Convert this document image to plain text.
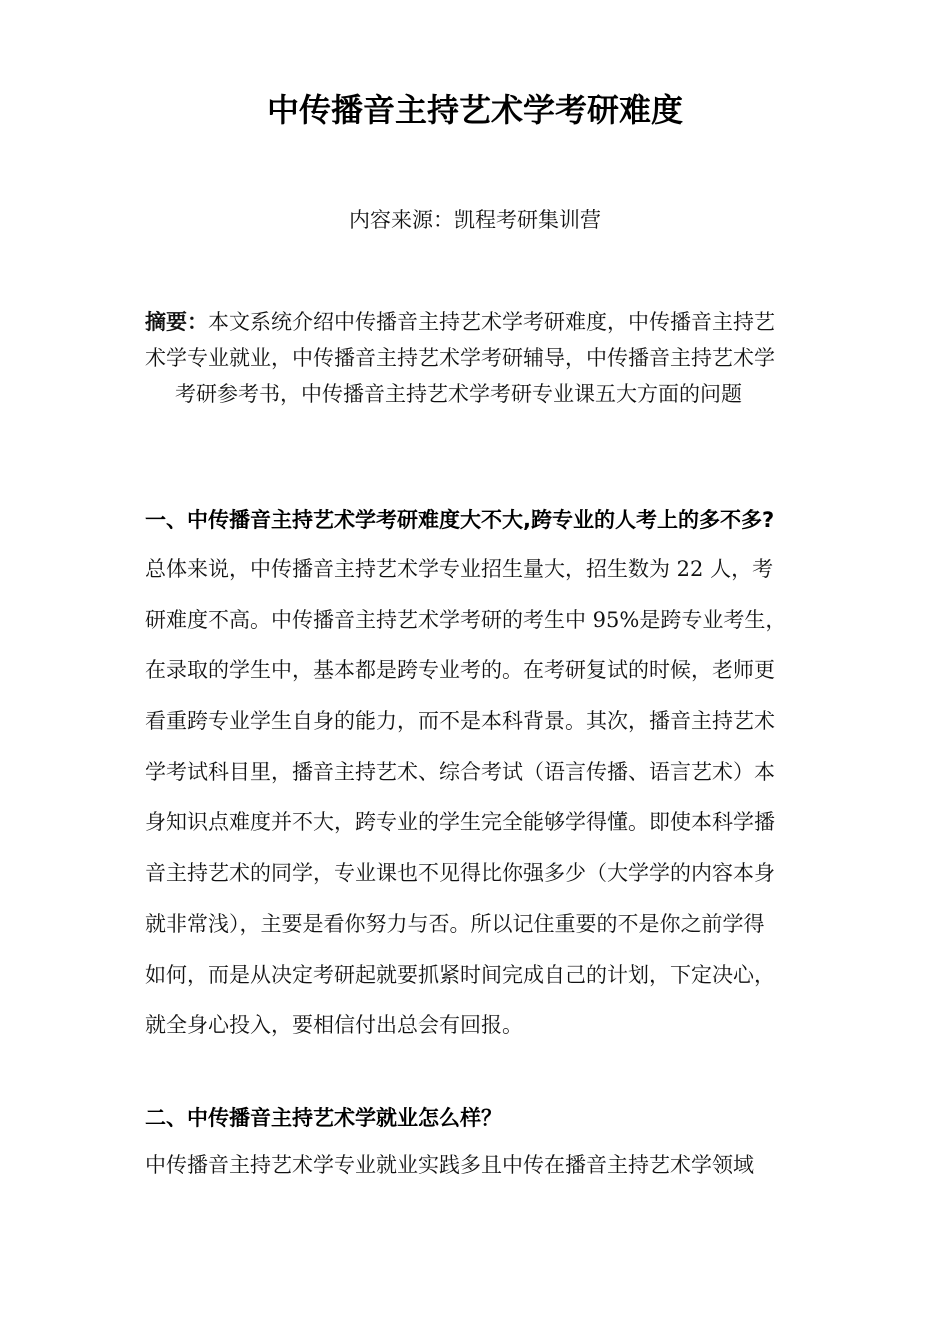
中传播音主持艺术学考研难度
内容来源：凯程考研集训营
摘要：本文系统介绍中传播音主持艺术学考研难度，中传播音主持艺
术学专业就业，中传播音主持艺术学考研辅导，中传播音主持艺术学
考研参考书，中传播音主持艺术学考研专业课五大方面的问题
一、中传播音主持艺术学考研难度大不大,跨专业的人考上的多不多?
总体来说，中传播音主持艺术学专业招生量大，招生数为 22 人，考
研难度不高。中传播音主持艺术学考研的考生中 95%是跨专业考生，
在录取的学生中，基本都是跨专业考的。在考研复试的时候，老师更
看重跨专业学生自身的能力，而不是本科背景。其次，播音主持艺术
学考试科目里，播音主持艺术、综合考试（语言传播、语言艺术）本
身知识点难度并不大，跨专业的学生完全能够学得懂。即使本科学播
音主持艺术的同学，专业课也不见得比你强多少（大学学的内容本身
就非常浅），主要是看你努力与否。所以记住重要的不是你之前学得
如何，而是从决定考研起就要抓紧时间完成自己的计划，下定决心，
就全身心投入，要相信付出总会有回报。
二、中传播音主持艺术学就业怎么样？
中传播音主持艺术学专业就业实践多且中传在播音主持艺术学领域
